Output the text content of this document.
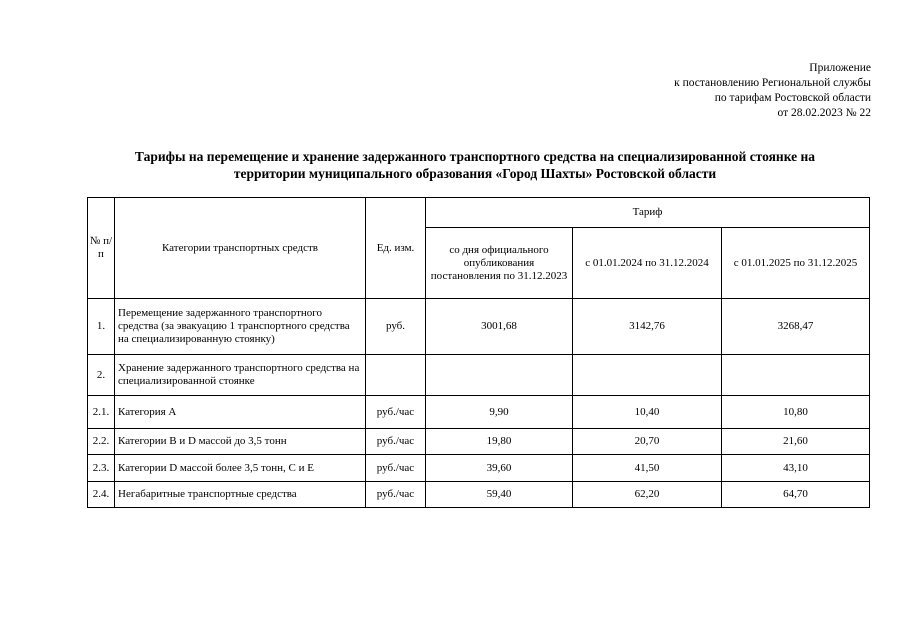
Приложение
к постановлению Региональной службы
по тарифам Ростовской области
от 28.02.2023 № 22
Тарифы на перемещение и хранение задержанного транспортного средства на специализированной стоянке на
территории муниципального образования «Город Шахты» Ростовской области
№ п/п	Категории транспортных средств	Ед. изм.	Тариф		
			со дня официального опубликования постановления по 31.12.2023	с 01.01.2024 по 31.12.2024	с 01.01.2025 по 31.12.2025
1.	Перемещение задержанного транспортного средства (за эвакуацию 1 транспортного средства на специализированную стоянку)	руб.	3001,68	3142,76	3268,47
2.	Хранение задержанного транспортного средства на специализированной стоянке				
2.1.	Категория А	руб./час	9,90	10,40	10,80
2.2.	Категории В и D массой до 3,5 тонн	руб./час	19,80	20,70	21,60
2.3.	Категории D массой более 3,5 тонн, С и Е	руб./час	39,60	41,50	43,10
2.4.	Негабаритные транспортные средства	руб./час	59,40	62,20	64,70
